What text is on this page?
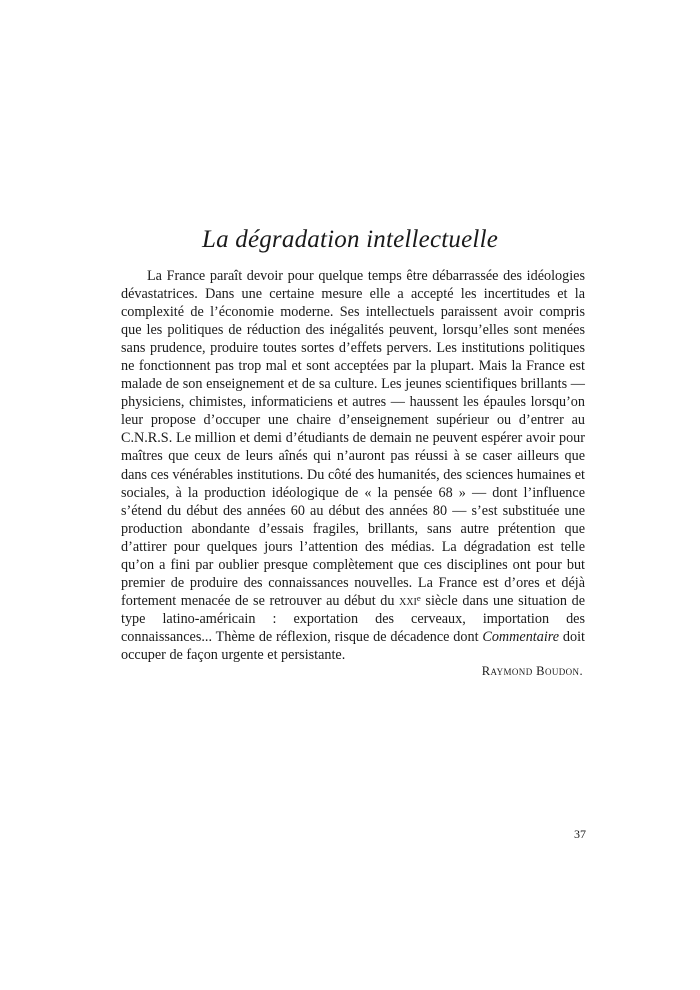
La dégradation intellectuelle

La France paraît devoir pour quelque temps être débarrassée des idéologies dévastatrices. Dans une certaine mesure elle a accepté les incertitudes et la complexité de l’économie moderne. Ses intellectuels paraissent avoir compris que les politiques de réduction des inégalités peuvent, lorsqu’elles sont menées sans prudence, produire toutes sortes d’effets pervers. Les institutions politiques ne fonctionnent pas trop mal et sont acceptées par la plupart. Mais la France est malade de son enseignement et de sa culture. Les jeunes scientifiques brillants — physiciens, chimistes, informaticiens et autres — haussent les épaules lorsqu’on leur propose d’occuper une chaire d’enseignement supérieur ou d’entrer au C.N.R.S. Le million et demi d’étudiants de demain ne peuvent espérer avoir pour maîtres que ceux de leurs aînés qui n’auront pas réussi à se caser ailleurs que dans ces vénérables institutions. Du côté des humanités, des sciences humaines et sociales, à la production idéologique de « la pensée 68 » — dont l’influence s’étend du début des années 60 au début des années 80 — s’est substituée une production abondante d’essais fragiles, brillants, sans autre prétention que d’attirer pour quelques jours l’attention des médias. La dégradation est telle qu’on a fini par oublier presque complètement que ces disciplines ont pour but premier de produire des connaissances nouvelles. La France est d’ores et déjà fortement menacée de se retrouver au début du xxi$^e$ siècle dans une situation de type latino-américain : exportation des cerveaux, importation des connaissances... Thème de réflexion, risque de décadence dont Commentaire doit occuper de façon urgente et persistante.

Raymond Boudon.

37
